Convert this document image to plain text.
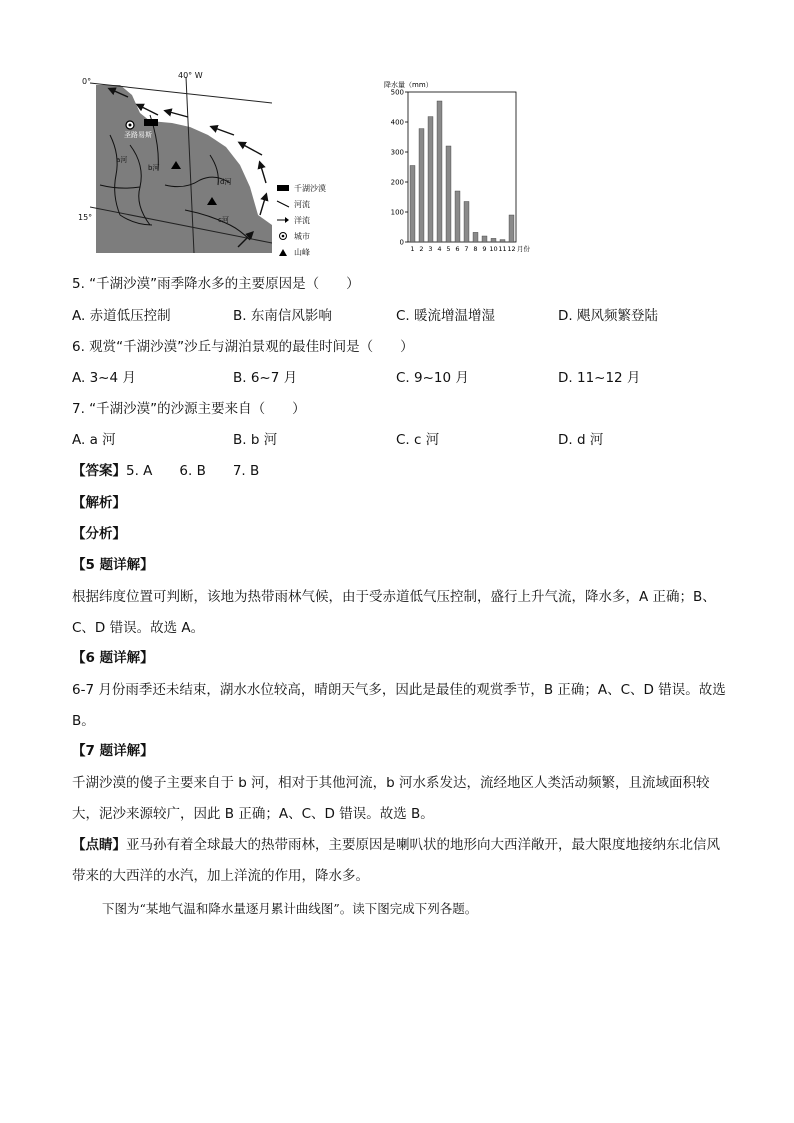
0°
15°
40° W
圣路易斯
a河
b河
c河
d河
千湖沙漠
河流
洋流
城市
山峰
降水量（mm）
0
100
200
300
400
500
1 2 3 4 5 6 7 8 9 10 11 12 月份
5. “千湖沙漠”雨季降水多的主要原因是（　　）
A. 赤道低压控制	B. 东南信风影响	C. 暖流增温增湿	D. 飓风频繁登陆
6. 观赏“千湖沙漠”沙丘与湖泊景观的最佳时间是（　　）
A. 3~4 月	B. 6~7 月	C. 9~10 月	D. 11~12 月
7. “千湖沙漠”的沙源主要来自（　　）
A. a 河	B. b 河	C. c 河	D. d 河
【答案】5. A　　6. B　　7. B
【解析】
【分析】
【5 题详解】
根据纬度位置可判断，该地为热带雨林气候，由于受赤道低气压控制，盛行上升气流，降水多，A 正确；B、C、D 错误。故选 A。
【6 题详解】
6-7 月份雨季还未结束，湖水水位较高，晴朗天气多，因此是最佳的观赏季节，B 正确；A、C、D 错误。故选 B。
【7 题详解】
千湖沙漠的傻子主要来自于 b 河，相对于其他河流，b 河水系发达，流经地区人类活动频繁，且流域面积较大，泥沙来源较广，因此 B 正确；A、C、D 错误。故选 B。
【点睛】亚马孙有着全球最大的热带雨林，主要原因是喇叭状的地形向大西洋敞开，最大限度地接纳东北信风带来的大西洋的水汽，加上洋流的作用，降水多。
下图为“某地气温和降水量逐月累计曲线图”。读下图完成下列各题。
